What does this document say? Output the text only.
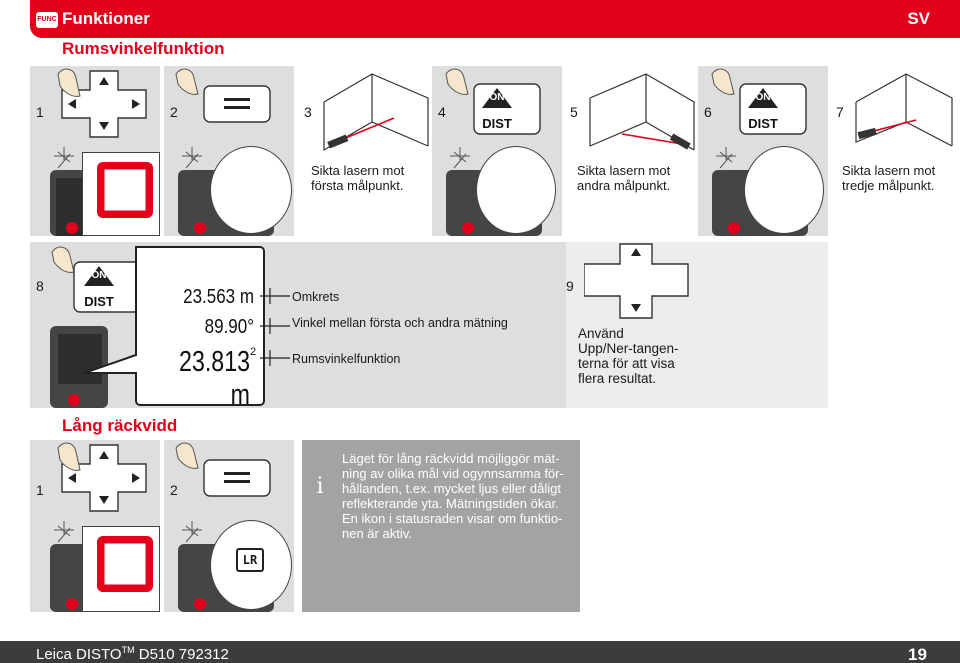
FUNC Funktioner	SV
Rumsvinkelfunktion
1	2	3	4	5	6	7
Sikta lasern mot
första målpunkt.
ON
DIST
Sikta lasern mot
andra målpunkt.
ON
DIST
Sikta lasern mot
tredje målpunkt.
8	9
ON
DIST	23.563 m
89.90°
23.813 m
2
Omkrets
Vinkel mellan första och andra mätning
Rumsvinkelfunktion
Använd
Upp/Ner-tangen-
terna för att visa
flera resultat.
Lång räckvidd
1	2
LR
i
Läget för lång räckvidd möjliggör mät-
ning av olika mål vid ogynnsamma för-
hållanden, t.ex. mycket ljus eller dåligt
reflekterande yta. Mätningstiden ökar.
En ikon i statusraden visar om funktio-
nen är aktiv.
Leica DISTO™ D510 792312	19
